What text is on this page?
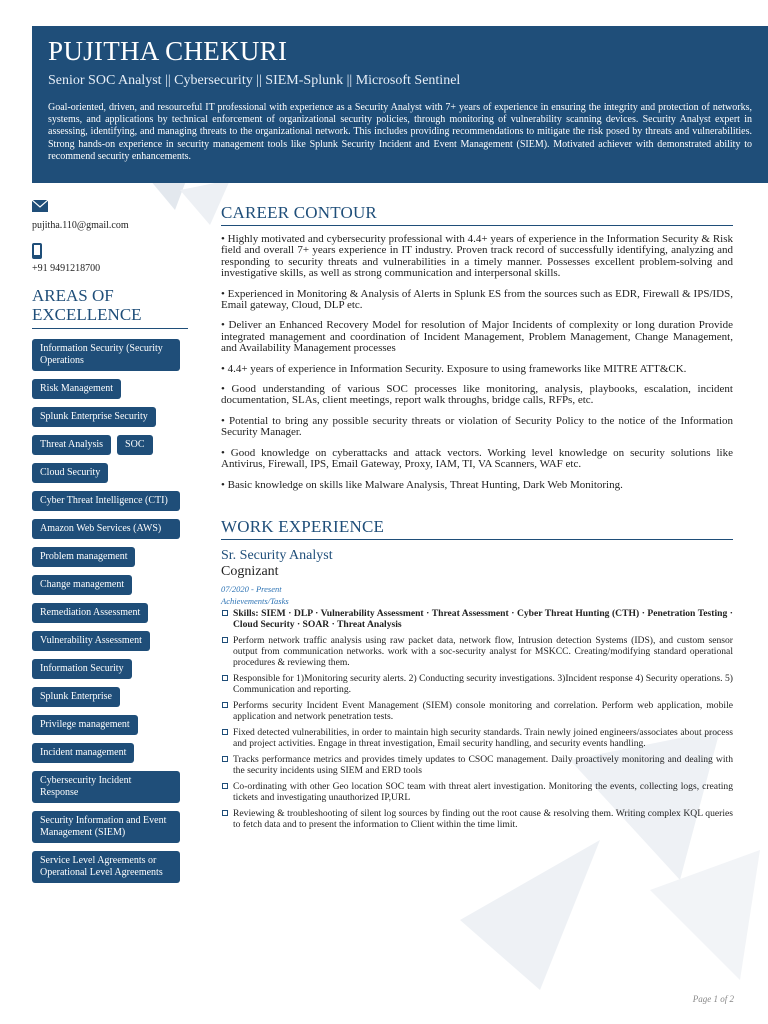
PUJITHA CHEKURI
Senior SOC Analyst || Cybersecurity || SIEM-Splunk || Microsoft Sentinel
Goal-oriented, driven, and resourceful IT professional with experience as a Security Analyst with 7+ years of experience in ensuring the integrity and protection of networks, systems, and applications by technical enforcement of organizational security policies, through monitoring of vulnerability scanning devices. Security Analyst expert in assessing, identifying, and managing threats to the organizational network. This includes providing recommendations to mitigate the risk posed by threats and vulnerabilities. Strong hands-on experience in security management tools like Splunk Security Incident and Event Management (SIEM). Motivated achiever with demonstrated ability to recommend security enhancements.
pujitha.110@gmail.com
+91 9491218700
AREAS OF EXCELLENCE
Information Security (Security Operations
Risk Management
Splunk Enterprise Security
Threat Analysis	SOC
Cloud Security
Cyber Threat Intelligence (CTI)
Amazon Web Services (AWS)
Problem management
Change management
Remediation Assessment
Vulnerability Assessment
Information Security
Splunk Enterprise
Privilege management
Incident management
Cybersecurity Incident Response
Security Information and Event Management (SIEM)
Service Level Agreements or Operational Level Agreements
CAREER CONTOUR

• Highly motivated and cybersecurity professional with 4.4+ years of experience in the Information Security & Risk field and overall 7+ years experience in IT industry. Proven track record of successfully identifying, analyzing and responding to security threats and vulnerabilities in a timely manner. Possesses excellent problem-solving and investigative skills, as well as strong communication and interpersonal skills.

• Experienced in Monitoring & Analysis of Alerts in Splunk ES from the sources such as EDR, Firewall & IPS/IDS, Email gateway, Cloud, DLP etc.

• Deliver an Enhanced Recovery Model for resolution of Major Incidents of complexity or long duration Provide integrated management and coordination of Incident Management, Problem Management, Change Management, and Availability Management processes

• 4.4+ years of experience in Information Security. Exposure to using frameworks like MITRE ATT&CK.

• Good understanding of various SOC processes like monitoring, analysis, playbooks, escalation, incident documentation, SLAs, client meetings, report walk throughs, bridge calls, RFPs, etc.

• Potential to bring any possible security threats or violation of Security Policy to the notice of the Information Security Manager.

• Good knowledge on cyberattacks and attack vectors. Working level knowledge on security solutions like Antivirus, Firewall, IPS, Email Gateway, Proxy, IAM, TI, VA Scanners, WAF etc.

• Basic knowledge on skills like Malware Analysis, Threat Hunting, Dark Web Monitoring.

WORK EXPERIENCE
Sr. Security Analyst
Cognizant
07/2020 - Present
Achievements/Tasks
Skills: SIEM · DLP · Vulnerability Assessment · Threat Assessment · Cyber Threat Hunting (CTH) · Penetration Testing · Cloud Security · SOAR · Threat Analysis
Perform network traffic analysis using raw packet data, network flow, Intrusion detection Systems (IDS), and custom sensor output from communication networks. work with a soc-security analyst for MSKCC. Creating/modifying standard operational procedures & reviewing them.
Responsible for 1)Monitoring security alerts. 2) Conducting security investigations. 3)Incident response 4) Security operations. 5) Communication and reporting.
Performs security Incident Event Management (SIEM) console monitoring and correlation. Perform web application, mobile application and network penetration tests.
Fixed detected vulnerabilities, in order to maintain high security standards. Train newly joined engineers/associates about process and project activities. Engage in threat investigation, Email security handling, and security events handling.
Tracks performance metrics and provides timely updates to CSOC management. Daily proactively monitoring and dealing with the security incidents using SIEM and ERD tools
Co-ordinating with other Geo location SOC team with threat alert investigation. Monitoring the events, collecting logs, creating tickets and investigating unauthorized IP,URL
Reviewing & troubleshooting of silent log sources by finding out the root cause & resolving them. Writing complex KQL queries to fetch data and to present the information to Client within the time limit.
Page 1 of 2
